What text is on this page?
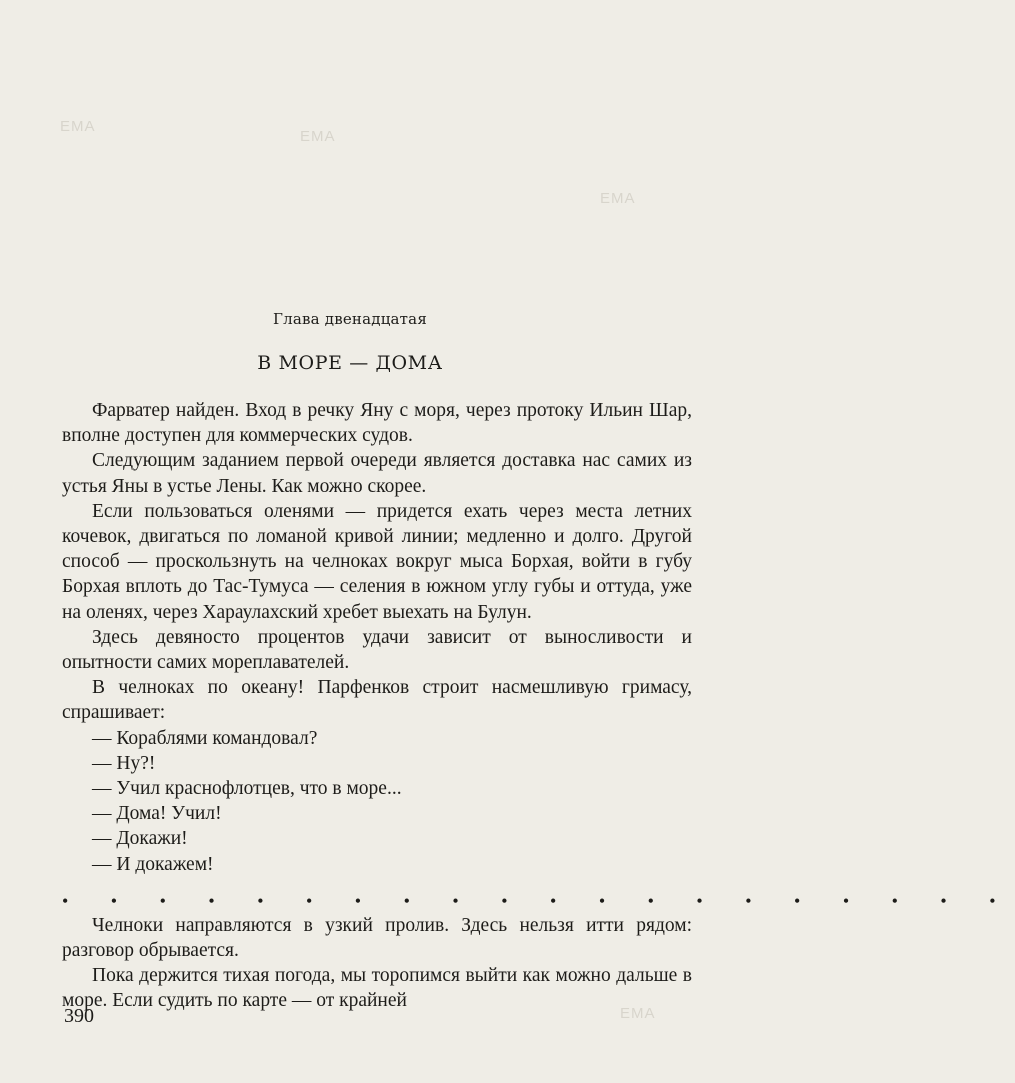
EMA
EMA
EMA
EMA
Глава двенадцатая
В МОРЕ — ДОМА

Фарватер найден. Вход в речку Яну с моря, через протоку Ильин Шар, вполне доступен для коммерческих судов.

Следующим заданием первой очереди является доставка нас самих из устья Яны в устье Лены. Как можно скорее.

Если пользоваться оленями — придется ехать через места летних кочевок, двигаться по ломаной кривой линии; медленно и долго. Другой способ — проскользнуть на челноках вокруг мыса Борхая, войти в губу Борхая вплоть до Тас-Тумуса — селения в южном углу губы и оттуда, уже на оленях, через Хараулахский хребет выехать на Булун.

Здесь девяносто процентов удачи зависит от выносливости и опытности самих мореплавателей.

В челноках по океану! Парфенков строит насмешливую гримасу, спрашивает:

— Кораблями командовал?

— Ну?!

— Учил краснофлотцев, что в море...

— Дома! Учил!

— Докажи!

— И докажем!

• • • • • • • • • • • • • • • • • • • •

Челноки направляются в узкий пролив. Здесь нельзя итти рядом: разговор обрывается.

Пока держится тихая погода, мы торопимся выйти как можно дальше в море. Если судить по карте — от крайней

390
